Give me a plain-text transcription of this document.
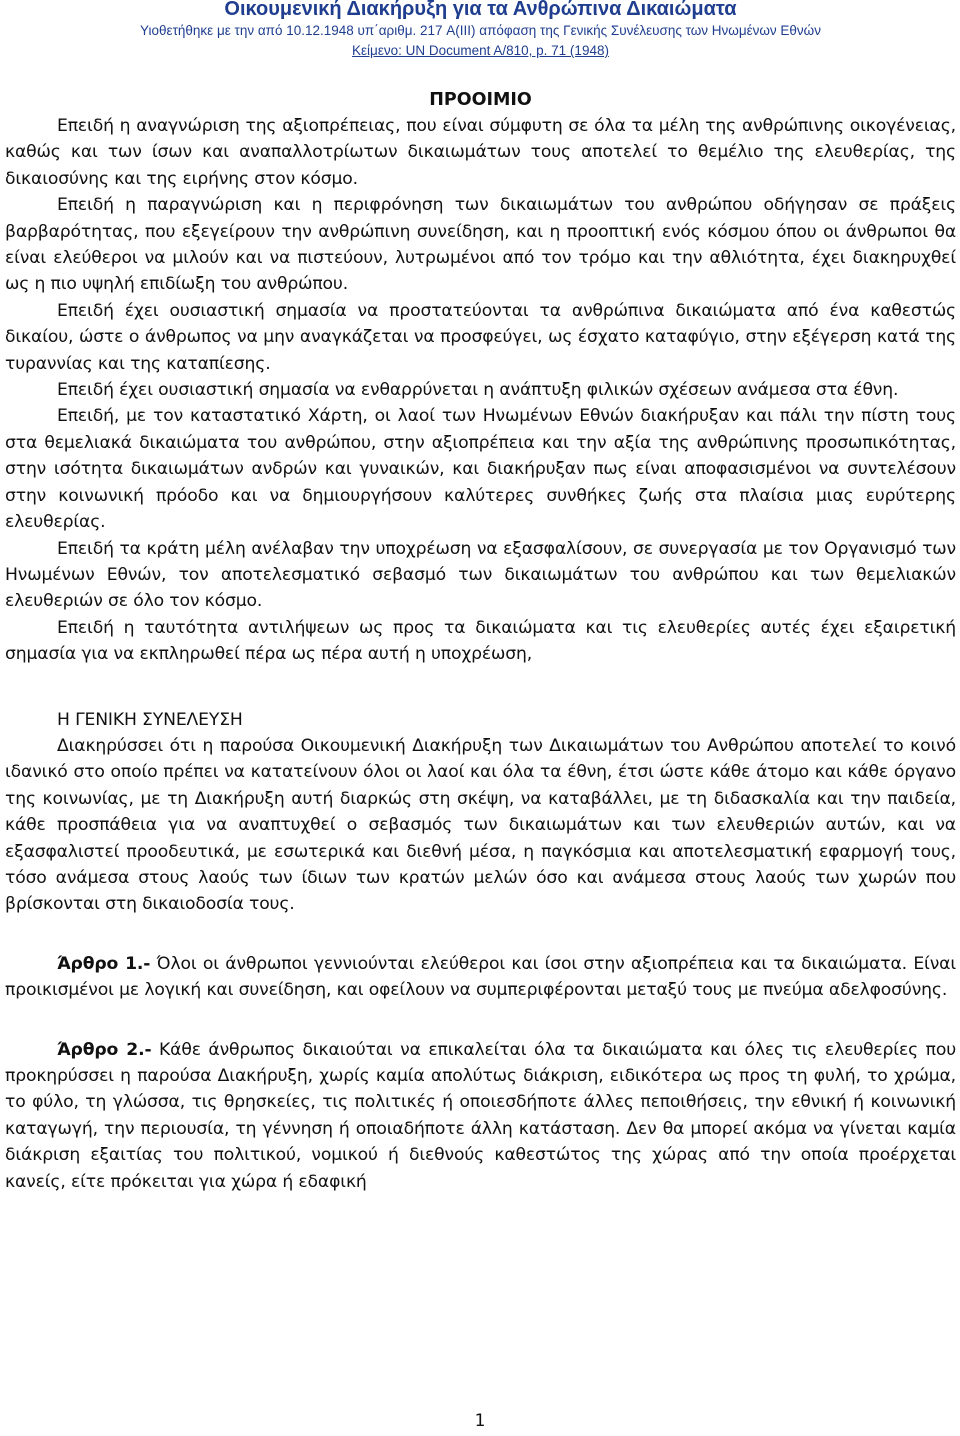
Οικουμενική Διακήρυξη για τα Ανθρώπινα Δικαιώματα
Υιοθετήθηκε με την από 10.12.1948 υπ΄αριθμ. 217 A(III) απόφαση της Γενικής Συνέλευσης των Ηνωμένων Εθνών
Κείμενο: UN Document A/810, p. 71 (1948)
ΠΡΟΟΙΜΙΟ

Επειδή η αναγνώριση της αξιοπρέπειας, που είναι σύμφυτη σε όλα τα μέλη της ανθρώπινης οικογένειας, καθώς και των ίσων και αναπαλλοτρίωτων δικαιωμάτων τους αποτελεί το θεμέλιο της ελευθερίας, της δικαιοσύνης και της ειρήνης στον κόσμο.

Επειδή η παραγνώριση και η περιφρόνηση των δικαιωμάτων του ανθρώπου οδήγησαν σε πράξεις βαρβαρότητας, που εξεγείρουν την ανθρώπινη συνείδηση, και η προοπτική ενός κόσμου όπου οι άνθρωποι θα είναι ελεύθεροι να μιλούν και να πιστεύουν, λυτρωμένοι από τον τρόμο και την αθλιότητα, έχει διακηρυχθεί ως η πιο υψηλή επιδίωξη του ανθρώπου.

Επειδή έχει ουσιαστική σημασία να προστατεύονται τα ανθρώπινα δικαιώματα από ένα καθεστώς δικαίου, ώστε ο άνθρωπος να μην αναγκάζεται να προσφεύγει, ως έσχατο καταφύγιο, στην εξέγερση κατά της τυραννίας και της καταπίεσης.

Επειδή έχει ουσιαστική σημασία να ενθαρρύνεται η ανάπτυξη φιλικών σχέσεων ανάμεσα στα έθνη.

Επειδή, με τον καταστατικό Χάρτη, οι λαοί των Ηνωμένων Εθνών διακήρυξαν και πάλι την πίστη τους στα θεμελιακά δικαιώματα του ανθρώπου, στην αξιοπρέπεια και την αξία της ανθρώπινης προσωπικότητας, στην ισότητα δικαιωμάτων ανδρών και γυναικών, και διακήρυξαν πως είναι αποφασισμένοι να συντελέσουν στην κοινωνική πρόοδο και να δημιουργήσουν καλύτερες συνθήκες ζωής στα πλαίσια μιας ευρύτερης ελευθερίας.

Επειδή τα κράτη μέλη ανέλαβαν την υποχρέωση να εξασφαλίσουν, σε συνεργασία με τον Οργανισμό των Ηνωμένων Εθνών, τον αποτελεσματικό σεβασμό των δικαιωμάτων του ανθρώπου και των θεμελιακών ελευθεριών σε όλο τον κόσμο.

Επειδή η ταυτότητα αντιλήψεων ως προς τα δικαιώματα και τις ελευθερίες αυτές έχει εξαιρετική σημασία για να εκπληρωθεί πέρα ως πέρα αυτή η υποχρέωση,

Η ΓΕΝΙΚΗ ΣΥΝΕΛΕΥΣΗ

Διακηρύσσει ότι η παρούσα Οικουμενική Διακήρυξη των Δικαιωμάτων του Ανθρώπου αποτελεί το κοινό ιδανικό στο οποίο πρέπει να κατατείνουν όλοι οι λαοί και όλα τα έθνη, έτσι ώστε κάθε άτομο και κάθε όργανο της κοινωνίας, με τη Διακήρυξη αυτή διαρκώς στη σκέψη, να καταβάλλει, με τη διδασκαλία και την παιδεία, κάθε προσπάθεια για να αναπτυχθεί ο σεβασμός των δικαιωμάτων και των ελευθεριών αυτών, και να εξασφαλιστεί προοδευτικά, με εσωτερικά και διεθνή μέσα, η παγκόσμια και αποτελεσματική εφαρμογή τους, τόσο ανάμεσα στους λαούς των ίδιων των κρατών μελών όσο και ανάμεσα στους λαούς των χωρών που βρίσκονται στη δικαιοδοσία τους.

Άρθρο 1.- Όλοι οι άνθρωποι γεννιούνται ελεύθεροι και ίσοι στην αξιοπρέπεια και τα δικαιώματα. Είναι προικισμένοι με λογική και συνείδηση, και οφείλουν να συμπεριφέρονται μεταξύ τους με πνεύμα αδελφοσύνης.

Άρθρο 2.- Κάθε άνθρωπος δικαιούται να επικαλείται όλα τα δικαιώματα και όλες τις ελευθερίες που προκηρύσσει η παρούσα Διακήρυξη, χωρίς καμία απολύτως διάκριση, ειδικότερα ως προς τη φυλή, το χρώμα, το φύλο, τη γλώσσα, τις θρησκείες, τις πολιτικές ή οποιεσδήποτε άλλες πεποιθήσεις, την εθνική ή κοινωνική καταγωγή, την περιουσία, τη γέννηση ή οποιαδήποτε άλλη κατάσταση. Δεν θα μπορεί ακόμα να γίνεται καμία διάκριση εξαιτίας του πολιτικού, νομικού ή διεθνούς καθεστώτος της χώρας από την οποία προέρχεται κανείς, είτε πρόκειται για χώρα ή εδαφική

1
